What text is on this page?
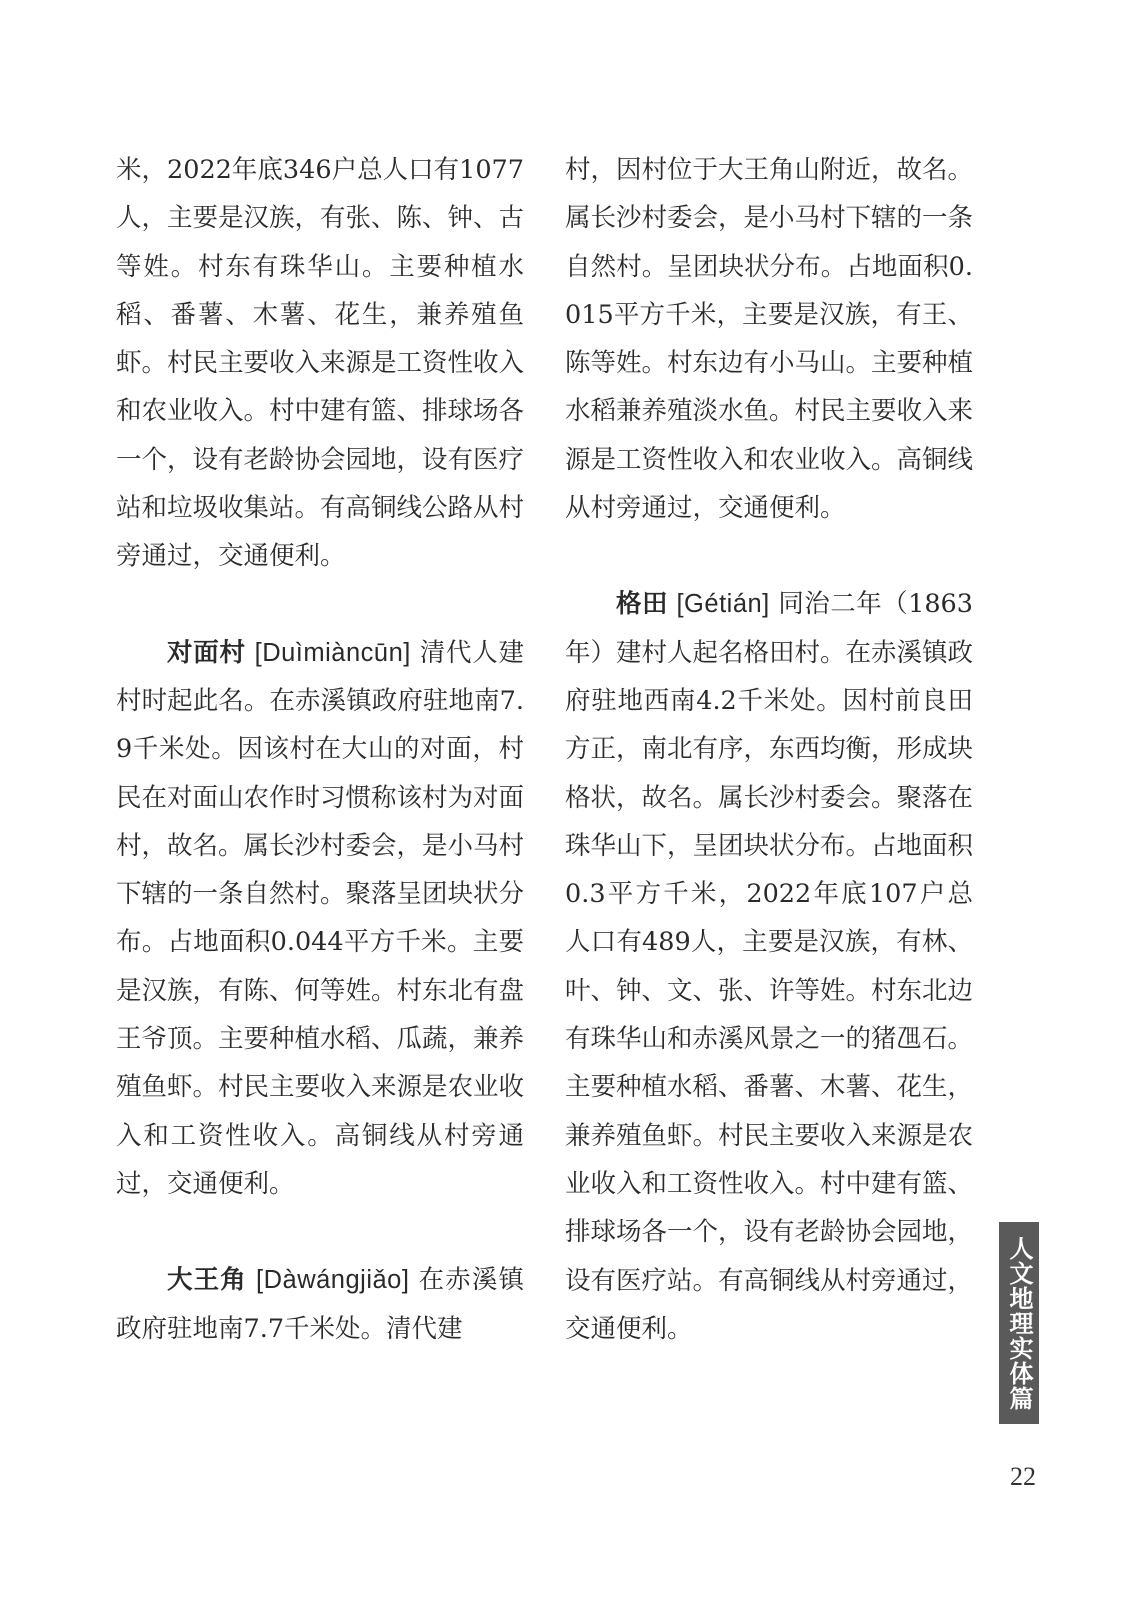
米，2022年底346户总人口有1077人，主要是汉族，有张、陈、钟、古等姓。村东有珠华山。主要种植水稻、番薯、木薯、花生，兼养殖鱼虾。村民主要收入来源是工资性收入和农业收入。村中建有篮、排球场各一个，设有老龄协会园地，设有医疗站和垃圾收集站。有高铜线公路从村旁通过，交通便利。

对面村 [Duìmiàncūn] 清代人建村时起此名。在赤溪镇政府驻地南7.9千米处。因该村在大山的对面，村民在对面山农作时习惯称该村为对面村，故名。属长沙村委会，是小马村下辖的一条自然村。聚落呈团块状分布。占地面积0.044平方千米。主要是汉族，有陈、何等姓。村东北有盘王爷顶。主要种植水稻、瓜蔬，兼养殖鱼虾。村民主要收入来源是农业收入和工资性收入。高铜线从村旁通过，交通便利。

大王角 [Dàwángjiǎo] 在赤溪镇政府驻地南7.7千米处。清代建

村，因村位于大王角山附近，故名。属长沙村委会，是小马村下辖的一条自然村。呈团块状分布。占地面积0.015平方千米，主要是汉族，有王、陈等姓。村东边有小马山。主要种植水稻兼养殖淡水鱼。村民主要收入来源是工资性收入和农业收入。高铜线从村旁通过，交通便利。

格田 [Gétián] 同治二年（1863年）建村人起名格田村。在赤溪镇政府驻地西南4.2千米处。因村前良田方正，南北有序，东西均衡，形成块格状，故名。属长沙村委会。聚落在珠华山下，呈团块状分布。占地面积0.3平方千米，2022年底107户总人口有489人，主要是汉族，有林、叶、钟、文、张、许等姓。村东北边有珠华山和赤溪风景之一的猪乪石。主要种植水稻、番薯、木薯、花生，兼养殖鱼虾。村民主要收入来源是农业收入和工资性收入。村中建有篮、排球场各一个，设有老龄协会园地，设有医疗站。有高铜线从村旁通过，交通便利。	人文地理实体篇
22
